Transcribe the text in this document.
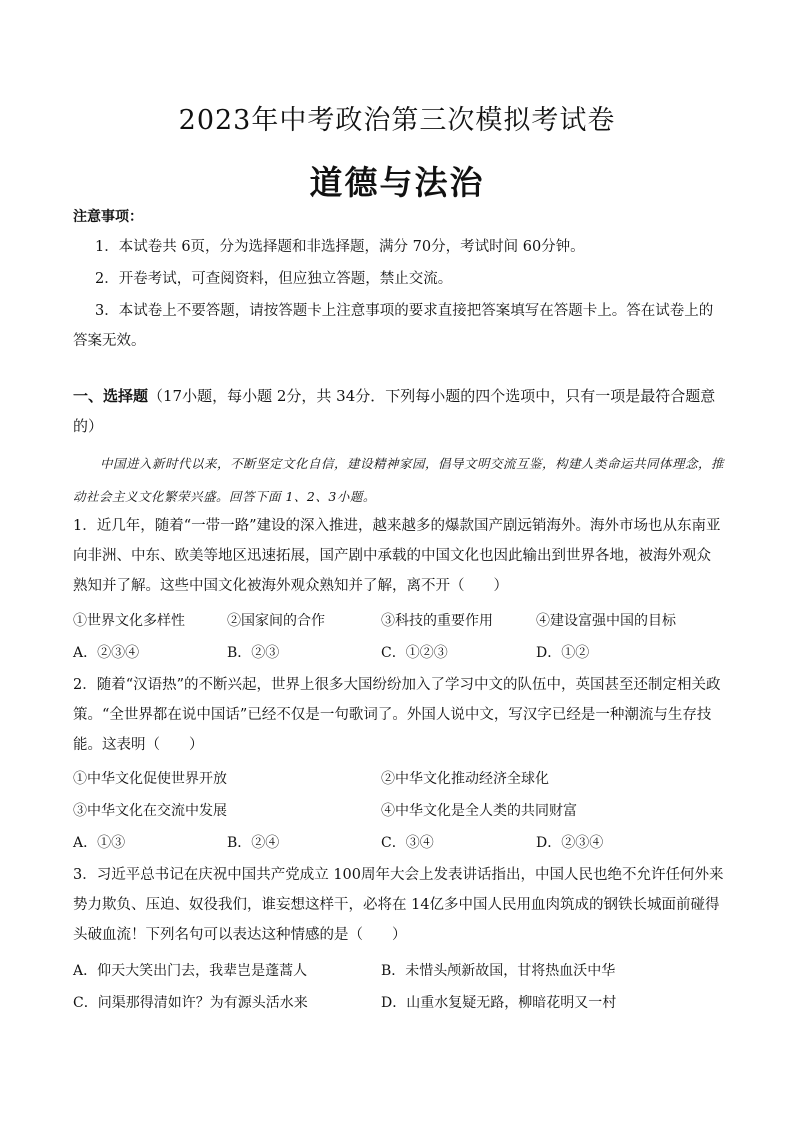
2023年中考政治第三次模拟考试卷
道德与法治
注意事项：
1．本试卷共 6页，分为选择题和非选择题，满分 70分，考试时间 60分钟。
2．开卷考试，可查阅资料，但应独立答题，禁止交流。
3．本试卷上不要答题，请按答题卡上注意事项的要求直接把答案填写在答题卡上。答在试卷上的答案无效。
一、选择题（17小题，每小题 2分，共 34分．下列每小题的四个选项中，只有一项是最符合题意的）
中国进入新时代以来，不断坚定文化自信，建设精神家园，倡导文明交流互鉴，构建人类命运共同体理念，推动社会主义文化繁荣兴盛。回答下面 1、2、3小题。
1．近几年，随着“一带一路”建设的深入推进，越来越多的爆款国产剧远销海外。海外市场也从东南亚向非洲、中东、欧美等地区迅速拓展，国产剧中承载的中国文化也因此输出到世界各地，被海外观众熟知并了解。这些中国文化被海外观众熟知并了解，离不开（　　）
①世界文化多样性	②国家间的合作	③科技的重要作用	④建设富强中国的目标
A．②③④	B．②③	C．①②③	D．①②
2．随着“汉语热”的不断兴起，世界上很多大国纷纷加入了学习中文的队伍中，英国甚至还制定相关政策。“全世界都在说中国话”已经不仅是一句歌词了。外国人说中文，写汉字已经是一种潮流与生存技能。这表明（　　）
①中华文化促使世界开放	②中华文化推动经济全球化
③中华文化在交流中发展	④中华文化是全人类的共同财富
A．①③	B．②④	C．③④	D．②③④
3．习近平总书记在庆祝中国共产党成立 100周年大会上发表讲话指出，中国人民也绝不允许任何外来势力欺负、压迫、奴役我们，谁妄想这样干，必将在 14亿多中国人民用血肉筑成的钢铁长城面前碰得头破血流！下列名句可以表达这种情感的是（　　）
A．仰天大笑出门去，我辈岂是蓬蒿人	B．未惜头颅新故国，甘将热血沃中华
C．问渠那得清如许？为有源头活水来	D．山重水复疑无路，柳暗花明又一村
